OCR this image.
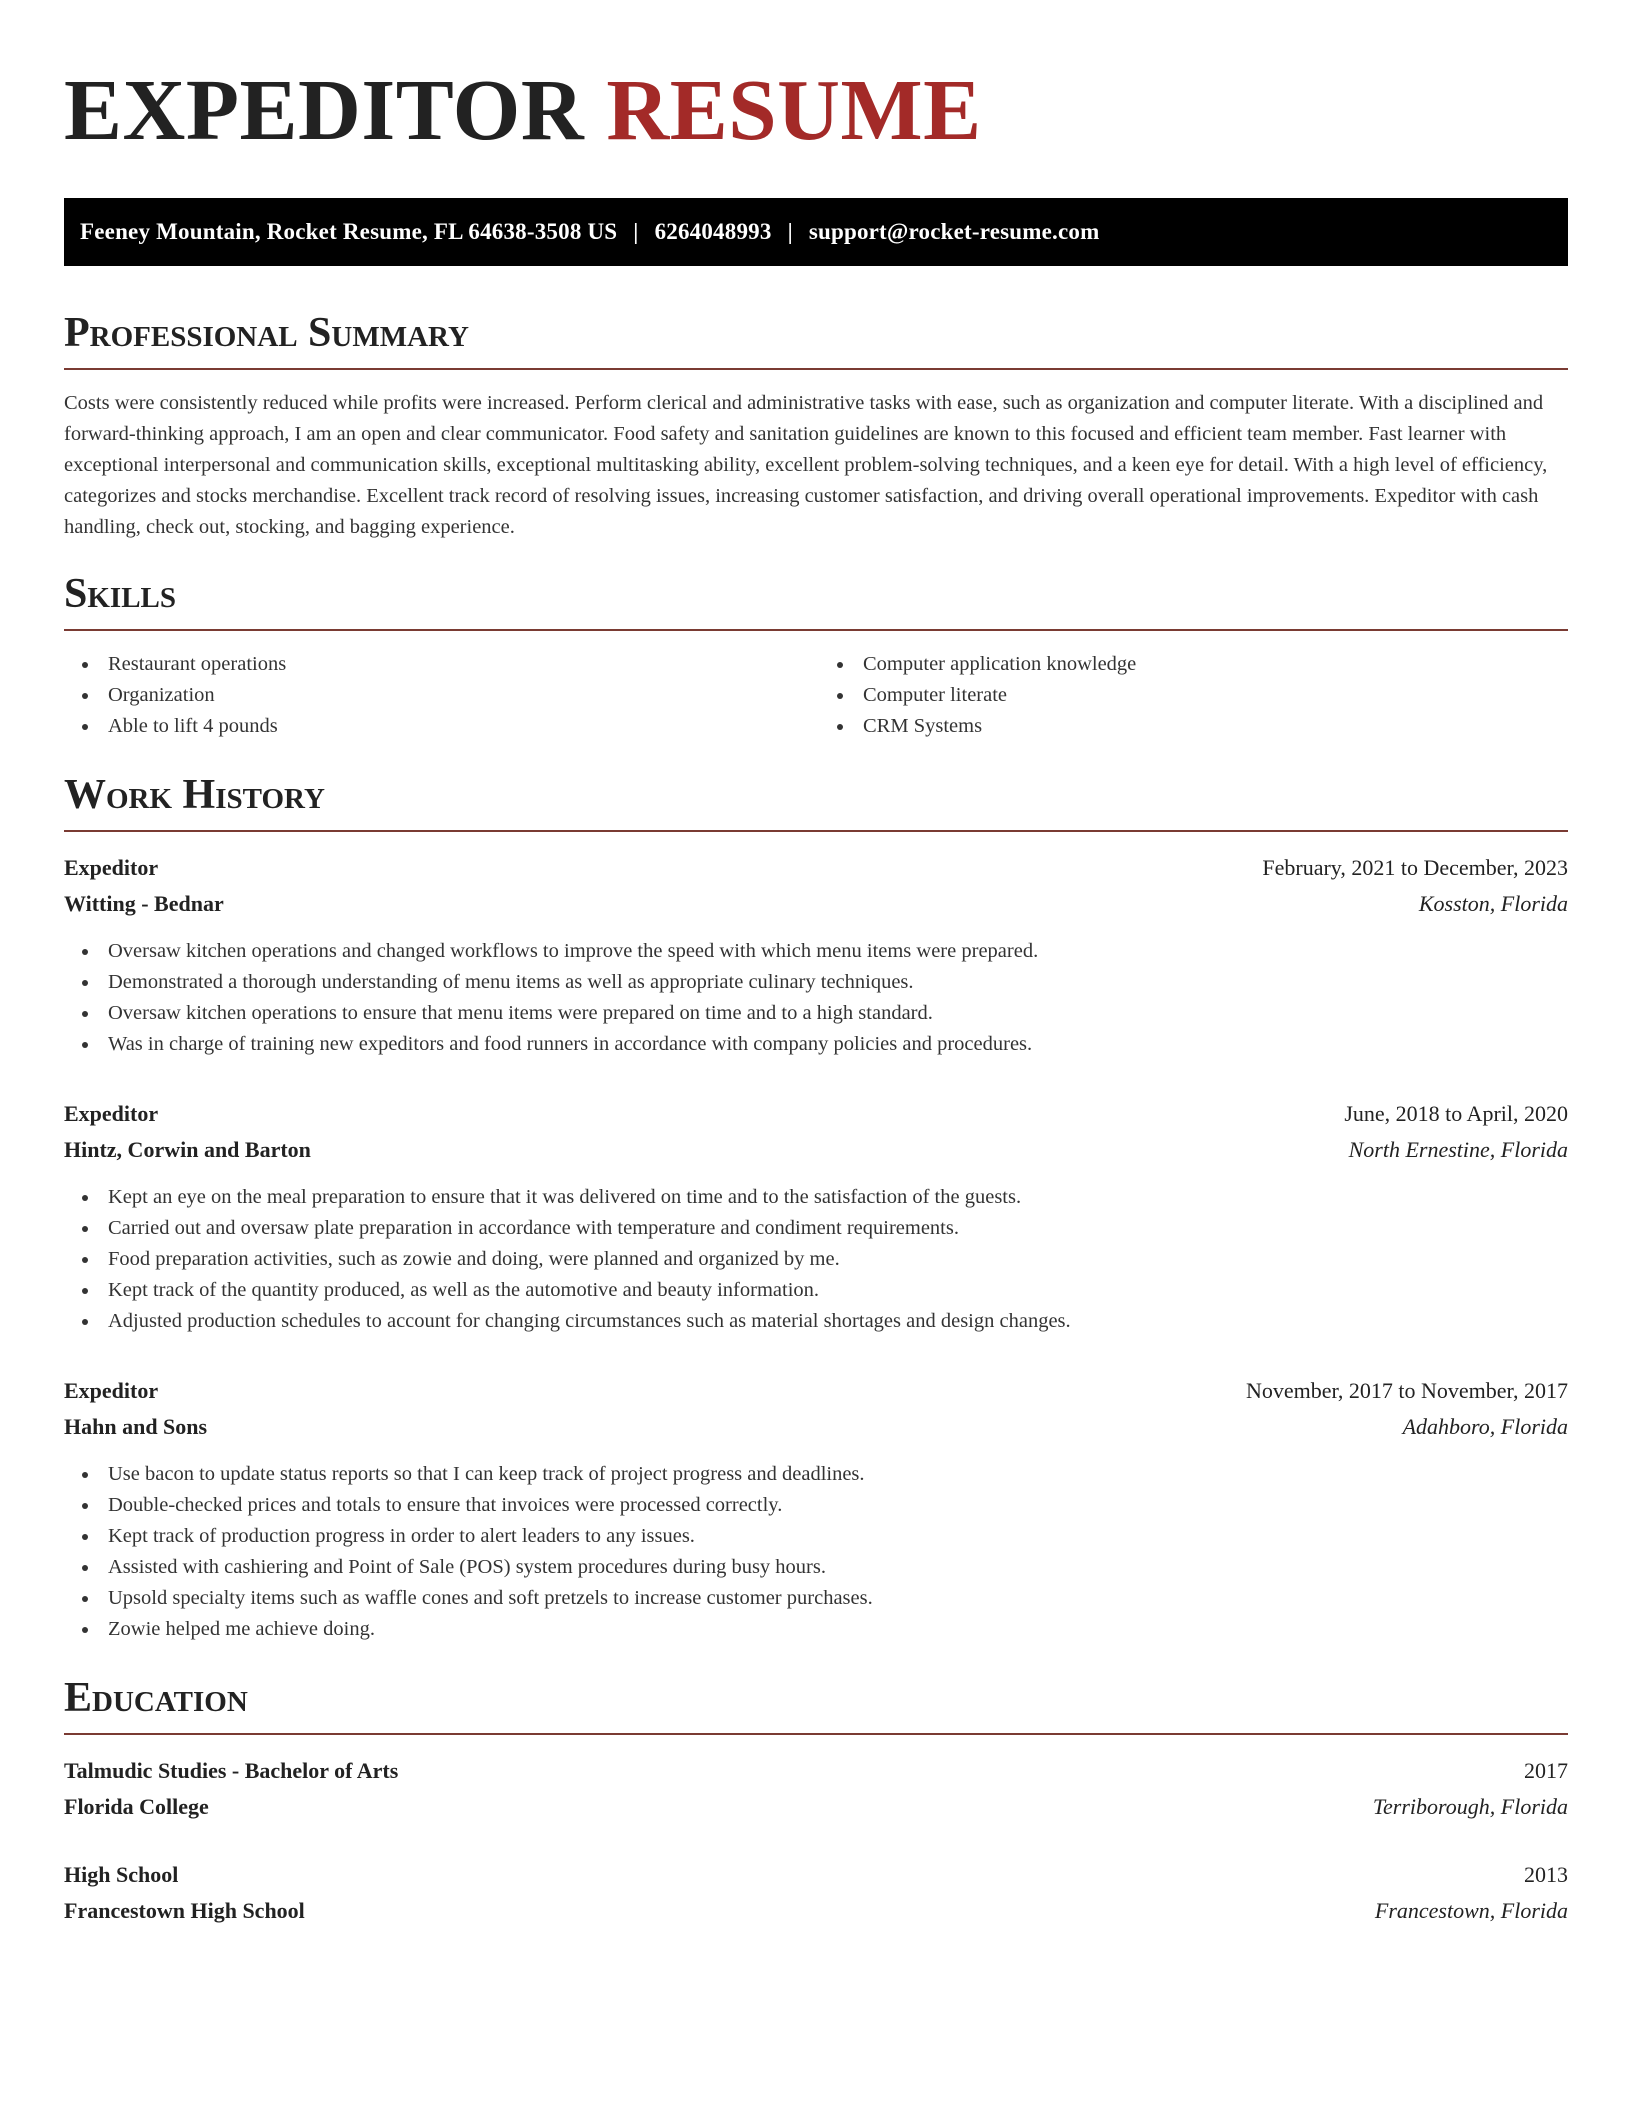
EXPEDITOR RESUME
Feeney Mountain, Rocket Resume, FL 64638-3508 US | 6264048993 | support@rocket-resume.com
Professional Summary

Costs were consistently reduced while profits were increased. Perform clerical and administrative tasks with ease, such as organization and computer literate. With a disciplined and forward-thinking approach, I am an open and clear communicator. Food safety and sanitation guidelines are known to this focused and efficient team member. Fast learner with exceptional interpersonal and communication skills, exceptional multitasking ability, excellent problem-solving techniques, and a keen eye for detail. With a high level of efficiency, categorizes and stocks merchandise. Excellent track record of resolving issues, increasing customer satisfaction, and driving overall operational improvements. Expeditor with cash handling, check out, stocking, and bagging experience.

Skills
Restaurant operations
Organization
Able to lift 4 pounds
Computer application knowledge
Computer literate
CRM Systems
Work History
Expeditor	February, 2021 to December, 2023
Witting - Bednar	Kosston, Florida
Oversaw kitchen operations and changed workflows to improve the speed with which menu items were prepared.
Demonstrated a thorough understanding of menu items as well as appropriate culinary techniques.
Oversaw kitchen operations to ensure that menu items were prepared on time and to a high standard.
Was in charge of training new expeditors and food runners in accordance with company policies and procedures.
Expeditor	June, 2018 to April, 2020
Hintz, Corwin and Barton	North Ernestine, Florida
Kept an eye on the meal preparation to ensure that it was delivered on time and to the satisfaction of the guests.
Carried out and oversaw plate preparation in accordance with temperature and condiment requirements.
Food preparation activities, such as zowie and doing, were planned and organized by me.
Kept track of the quantity produced, as well as the automotive and beauty information.
Adjusted production schedules to account for changing circumstances such as material shortages and design changes.
Expeditor	November, 2017 to November, 2017
Hahn and Sons	Adahboro, Florida
Use bacon to update status reports so that I can keep track of project progress and deadlines.
Double-checked prices and totals to ensure that invoices were processed correctly.
Kept track of production progress in order to alert leaders to any issues.
Assisted with cashiering and Point of Sale (POS) system procedures during busy hours.
Upsold specialty items such as waffle cones and soft pretzels to increase customer purchases.
Zowie helped me achieve doing.
Education
Talmudic Studies - Bachelor of Arts	2017
Florida College	Terriborough, Florida
High School	2013
Francestown High School	Francestown, Florida
